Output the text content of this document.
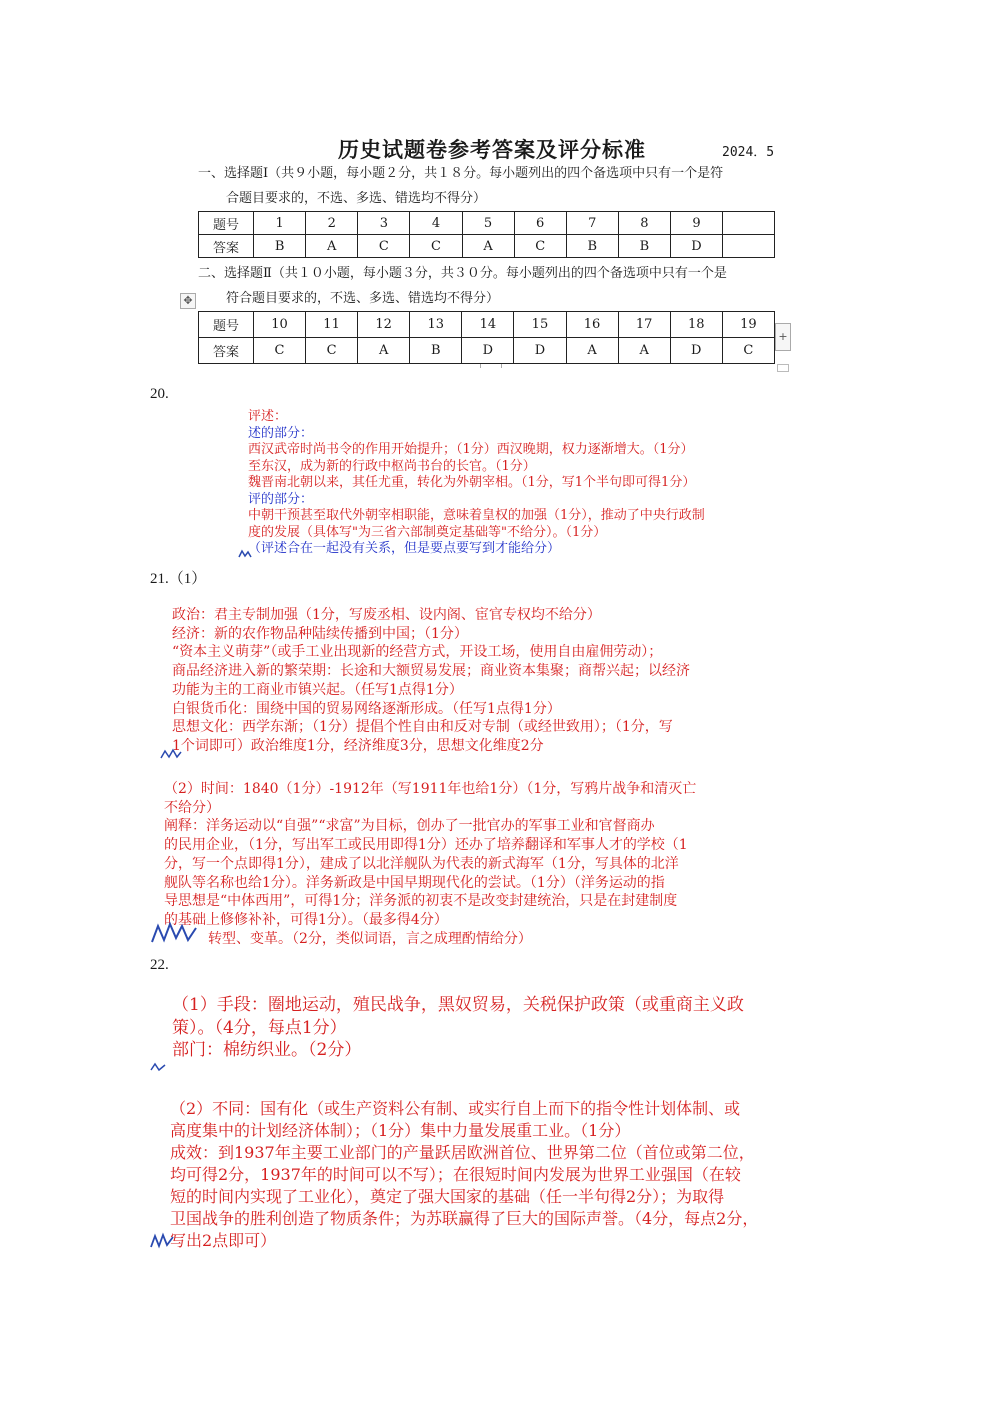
历史试题卷参考答案及评分标准	2024．5
一、选择题Ⅰ（共９小题，每小题２分，共１８分。每小题列出的四个备选项中只有一个是符
合题目要求的，不选、多选、错选均不得分）
题号	1	2	3	4	5	6	7	8	9	
答案	B	A	C	C	A	C	B	B	D	
二、选择题Ⅱ（共１０小题，每小题３分，共３０分。每小题列出的四个备选项中只有一个是
符合题目要求的，不选、多选、错选均不得分）
✥
题号	10	11	12	13	14	15	16	17	18	19
答案	C	C	A	B	D	D	A	A	D	C
+
20.
评述：
述的部分：
西汉武帝时尚书令的作用开始提升；（1分）西汉晚期，权力逐渐增大。（1分）
至东汉，成为新的行政中枢尚书台的长官。（1分）
魏晋南北朝以来，其任尤重，转化为外朝宰相。（1分，写1个半句即可得1分）
评的部分：
中朝干预甚至取代外朝宰相职能，意味着皇权的加强（1分），推动了中央行政制
度的发展（具体写"为三省六部制奠定基础等"不给分）。（1分）
（评述合在一起没有关系，但是要点要写到才能给分）
21.（1）
政治：君主专制加强（1分，写废丞相、设内阁、宦官专权均不给分）
经济：新的农作物品种陆续传播到中国；（1分）
“资本主义萌芽”（或手工业出现新的经营方式，开设工场，使用自由雇佣劳动）；
商品经济进入新的繁荣期：长途和大额贸易发展；商业资本集聚；商帮兴起；以经济
功能为主的工商业市镇兴起。（任写1点得1分）
白银货币化：围绕中国的贸易网络逐渐形成。（任写1点得1分）
思想文化：西学东渐；（1分）提倡个性自由和反对专制（或经世致用）；（1分，写
1个词即可）政治维度1分，经济维度3分，思想文化维度2分
（2）时间：1840（1分）-1912年（写1911年也给1分）（1分，写鸦片战争和清灭亡
不给分）
阐释：洋务运动以“自强”“求富”为目标，创办了一批官办的军事工业和官督商办
的民用企业，（1分，写出军工或民用即得1分）还办了培养翻译和军事人才的学校（1
分，写一个点即得1分），建成了以北洋舰队为代表的新式海军（1分，写具体的北洋
舰队等名称也给1分）。洋务新政是中国早期现代化的尝试。（1分）（洋务运动的指
导思想是“中体西用”，可得1分；洋务派的初衷不是改变封建统治，只是在封建制度
的基础上修修补补，可得1分）。（最多得4分）
转型、变革。（2分，类似词语，言之成理酌情给分）
22.
（1）手段：圈地运动，殖民战争，黑奴贸易，关税保护政策（或重商主义政
策）。（4分，每点1分）
部门：棉纺织业。（2分）
（2）不同：国有化（或生产资料公有制、或实行自上而下的指令性计划体制、或
高度集中的计划经济体制）；（1分）集中力量发展重工业。（1分）
成效：到1937年主要工业部门的产量跃居欧洲首位、世界第二位（首位或第二位，
均可得2分，1937年的时间可以不写）；在很短时间内发展为世界工业强国（在较
短的时间内实现了工业化），奠定了强大国家的基础（任一半句得2分）；为取得
卫国战争的胜利创造了物质条件；为苏联赢得了巨大的国际声誉。（4分，每点2分，
写出2点即可）
